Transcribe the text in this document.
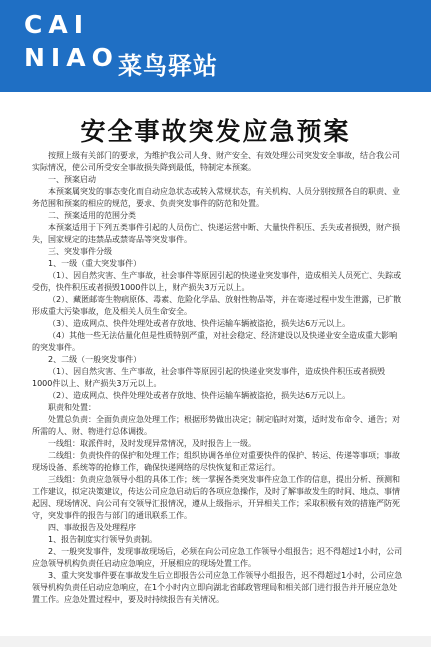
CAI
NIAO 菜鸟驿站
安全事故突发应急预案

按照上级有关部门的要求，为维护我公司人身、财产安全、有效处理公司突发安全事故，结合我公司实际情况，使公司所受安全事故损失降到最低，特制定本预案。

一、预案启动

本预案属突发的事态变化而自动应急状态或转入常规状态，有关机构、人员分别按照各自的职责、业务范围和预案的相应的规范，要求、负责突发事件的防范和处置。

二、预案适用的范围分类

本预案适用于下列五类事件引起的人员伤亡、快递运营中断、大量快件积压、丢失或者损毁，财产损失，国家规定的违禁品或禁寄品等突发事件。

三、突发事件分级

1、一级（重大突发事件）

（1）、因自然灾害、生产事故，社会事件等原因引起的快递业突发事件，造成相关人员死亡、失踪或受伤，快件积压或者损毁1000件以上，财产损失3万元以上。

（2）、藏匿邮寄生物病原体、毒素、危险化学品、放射性物品等，并在寄递过程中发生泄露，已扩散形成重大污染事故，危及相关人员生命安全。

（3）、造成网点、快件处理处或者存放地、快件运输车辆被盗抢，损失达6万元以上。

（4）其他一些无法估量化但是性质特别严重，对社会稳定、经济建设以及快递业安全造成重大影响的突发事件。

2、二级（一般突发事件）

（1）、因自然灾害、生产事故，社会事件等原因引起的快递业突发事件，造成快件积压或者损毁1000件以上、财产损失3万元以上。

（2）、造成网点、快件处理处或者存放地、快件运输车辆被盗抢，损失达6万元以上。

职责和处置：

处置总负责：全面负责应急处理工作；根据形势做出决定；制定临时对策，适时发布命令、通告；对所需的人、财、物进行总体调拨。

一线组：取派件时，及时发现异常情况，及时报告上一级。

二线组：负责快件的保护和处理工作；组织协调各单位对重要快件的保护、转运、传递等事项；事故现场设备、系统等的抢修工作，确保快递网络的尽快恢复和正常运行。

三线组：负责应急领导小组的具体工作；统一掌握各类突发事件应急工作的信息，提出分析、预测和工作建议，拟定决策建议，传达公司应急启动后的各项应急操作，及时了解事故发生的时间、地点、事情起因、现场情况、向公司有交领导汇报情况，遵从上级指示，开异相关工作；采取积极有效的措施严防死守，突发事件的报告与部门的通讯联系工作。

四、事故报告及处理程序

1、报告制度实行领导负责制。

2、一般突发事件，发现事故现场后，必须在向公司应急工作领导小组报告；迟不得超过1小时，公司应急领导机构负责任启动应急响应，开展相应的现场处置工作。

3、重大突发事件要在事故发生后立即报告公司应急工作领导小组报告，迟不得超过1小时，公司应急领导机构负责任启动应急响应，在1个小时内立即向湖北省邮政管理局和相关部门进行报告并开展应急处置工作。应急处置过程中，要及时持续报告有关情况。
